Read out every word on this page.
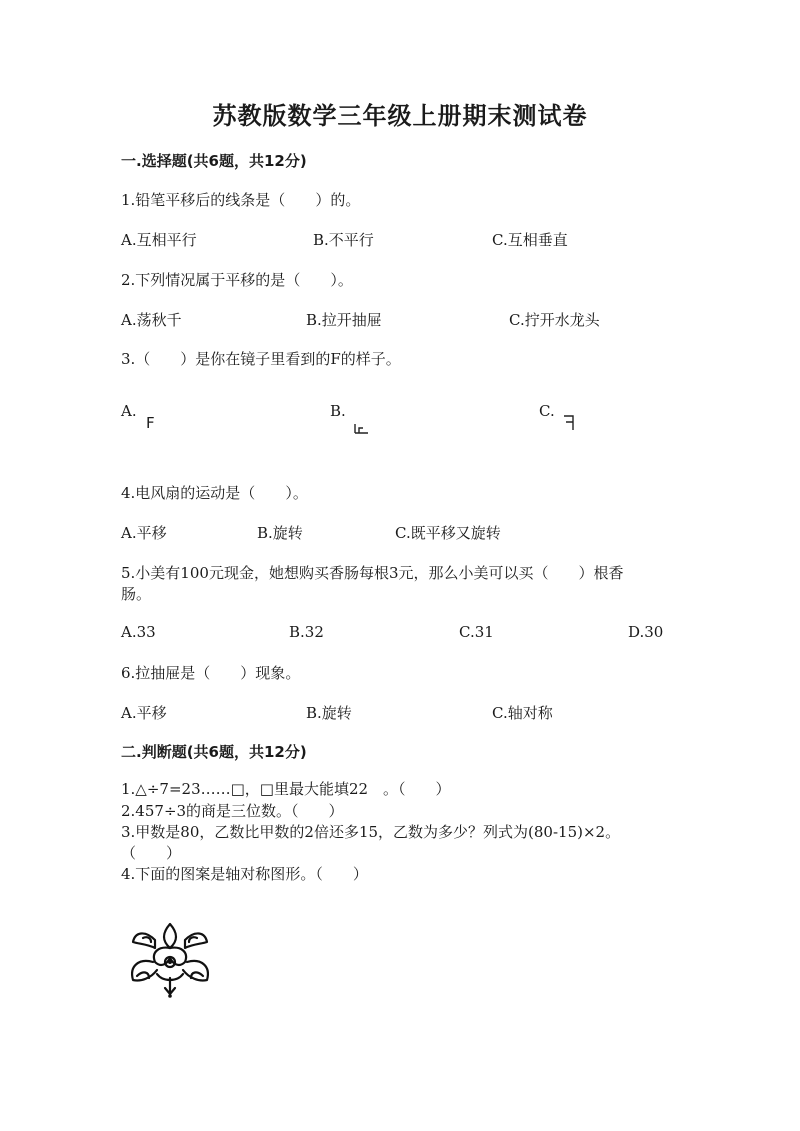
苏教版数学三年级上册期末测试卷
一.选择题(共6题，共12分)
1.铅笔平移后的线条是（　　）的。
A.互相平行	B.不平行	C.互相垂直
2.下列情况属于平移的是（　　）。
A.荡秋千	B.拉开抽屉	C.拧开水龙头
3.（　　）是你在镜子里看到的F的样子。
A.
F
B.	C.
4.电风扇的运动是（　　）。
A.平移	B.旋转	C.既平移又旋转
5.小美有100元现金，她想购买香肠每根3元，那么小美可以买（　　）根香
肠。
A.33	B.32	C.31	D.30
6.拉抽屉是（　　）现象。
A.平移	B.旋转	C.轴对称
二.判断题(共6题，共12分)
1.△÷7=23……□，□里最大能填22　。（　　）
2.457÷3的商是三位数。（　　）
3.甲数是80，乙数比甲数的2倍还多15，乙数为多少？列式为(80-15)×2。
（　　）
4.下面的图案是轴对称图形。（　　）
